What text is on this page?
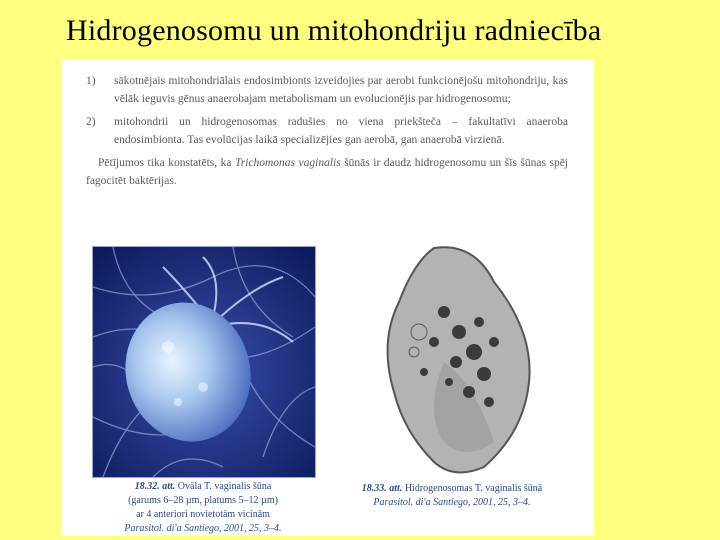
Hidrogenosomu un mitohondriju radniecība
1)	sākotnējais mitohondriālais endosimbionts izveidojies par aerobi funkcionējošu mitohondriju, kas vēlāk ieguvis gēnus anaerobajam metabolismam un evolucionējis par hidrogenosomu;
2)	mitohondrii un hidrogenosomas radušies no viena priekšteča – fakultatīvi anaeroba endosimbionta. Tas evolūcijas laikā specializējies gan aerobā, gan anaerobā virzienā.
Pētījumos tika konstatēts, ka Trichomonas vaginalis šūnās ir daudz hidrogenosomu un šīs šūnas spēj fagocitēt baktērijas.
18.32. att. Ovāla T. vaginalis šūna
(garums 6–28 µm, platums 5–12 µm)
ar 4 anteriori novietotām vicinām
Parasitol. di'a Santiego, 2001, 25, 3–4.
18.33. att. Hidrogenosomas T. vaginalis šūnā
Parasitol. di'a Santiego, 2001, 25, 3–4.
